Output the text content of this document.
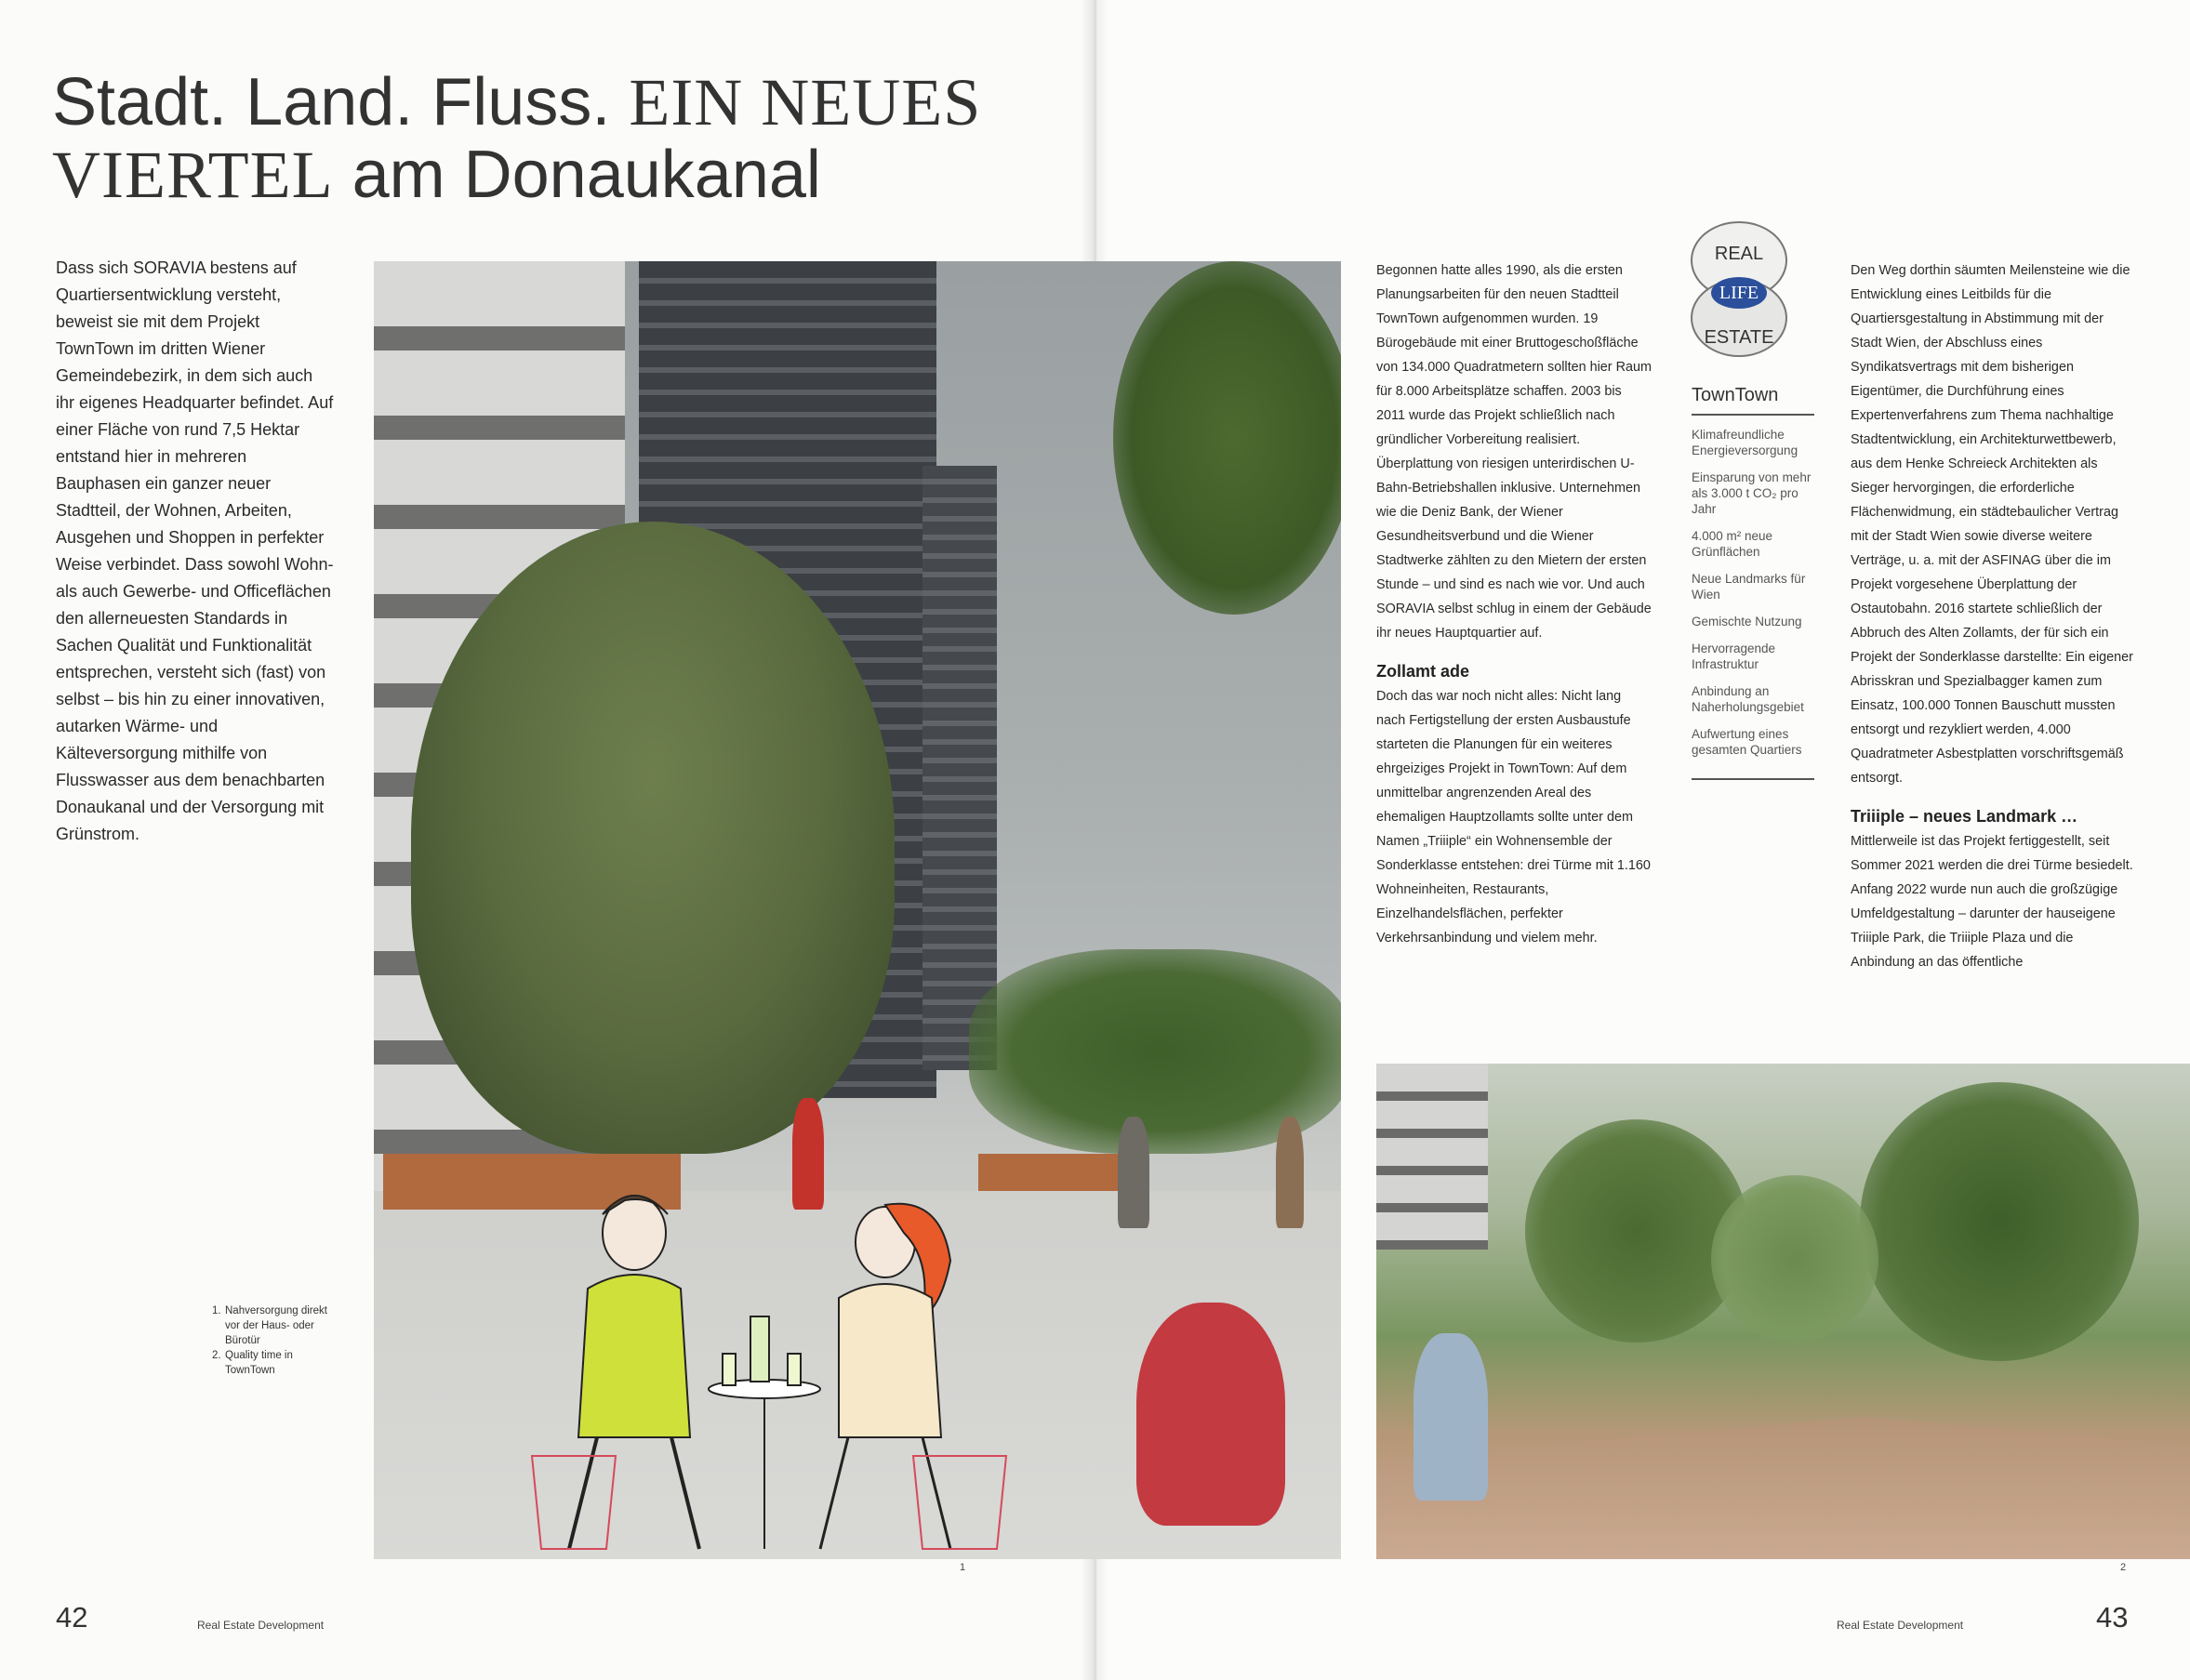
Stadt. Land. Fluss. EIN NEUES
VIERTEL am Donaukanal

Dass sich SORAVIA bestens auf Quartiersentwicklung versteht, beweist sie mit dem Projekt TownTown im dritten Wiener Gemeindebezirk, in dem sich auch ihr eigenes Headquarter befindet. Auf einer Fläche von rund 7,5 Hektar entstand hier in mehreren Bauphasen ein ganzer neuer Stadtteil, der Wohnen, Arbeiten, Ausgehen und Shoppen in perfekter Weise verbindet. Dass sowohl Wohn- als auch Gewerbe- und Officeflächen den allerneuesten Standards in Sachen Qualität und Funktionalität entsprechen, versteht sich (fast) von selbst – bis hin zu einer innovativen, autarken Wärme- und Kälteversorgung mithilfe von Flusswasser aus dem benachbarten Donaukanal und der Versorgung mit Grünstrom.

1
1. Nahversorgung direkt vor der Haus- oder Bürotür
2. Quality time in TownTown
42	Real Estate Development

Begonnen hatte alles 1990, als die ersten Planungsarbeiten für den neuen Stadtteil TownTown aufgenommen wurden. 19 Bürogebäude mit einer Bruttogeschoßfläche von 134.000 Quadratmetern sollten hier Raum für 8.000 Arbeitsplätze schaffen. 2003 bis 2011 wurde das Projekt schließlich nach gründlicher Vorbereitung realisiert. Überplattung von riesigen unterirdischen U-Bahn-Betriebshallen inklusive. Unternehmen wie die Deniz Bank, der Wiener Gesundheitsverbund und die Wiener Stadtwerke zählten zu den Mietern der ersten Stunde – und sind es nach wie vor. Und auch SORAVIA selbst schlug in einem der Gebäude ihr neues Hauptquartier auf.

Zollamt ade

Doch das war noch nicht alles: Nicht lang nach Fertigstellung der ersten Ausbaustufe starteten die Planungen für ein weiteres ehrgeiziges Projekt in TownTown: Auf dem unmittelbar angrenzenden Areal des ehemaligen Hauptzollamts sollte unter dem Namen „Triiiple“ ein Wohnensemble der Sonderklasse entstehen: drei Türme mit 1.160 Wohneinheiten, Restaurants, Einzelhandelsflächen, perfekter Verkehrsanbindung und vielem mehr.

REAL
LIFE
ESTATE
TownTown
Klimafreundliche Energieversorgung
Einsparung von mehr als 3.000 t CO₂ pro Jahr
4.000 m² neue Grünflächen
Neue Landmarks für Wien
Gemischte Nutzung
Hervorragende Infrastruktur
Anbindung an Naherholungsgebiet
Aufwertung eines gesamten Quartiers

Den Weg dorthin säumten Meilensteine wie die Entwicklung eines Leitbilds für die Quartiersgestaltung in Abstimmung mit der Stadt Wien, der Abschluss eines Syndikatsvertrags mit dem bisherigen Eigentümer, die Durchführung eines Expertenverfahrens zum Thema nachhaltige Stadtentwicklung, ein Architekturwettbewerb, aus dem Henke Schreieck Architekten als Sieger hervorgingen, die erforderliche Flächenwidmung, ein städtebaulicher Vertrag mit der Stadt Wien sowie diverse weitere Verträge, u. a. mit der ASFINAG über die im Projekt vorgesehene Überplattung der Ostautobahn. 2016 startete schließlich der Abbruch des Alten Zollamts, der für sich ein Projekt der Sonderklasse darstellte: Ein eigener Abrisskran und Spezialbagger kamen zum Einsatz, 100.000 Tonnen Bauschutt mussten entsorgt und rezykliert werden, 4.000 Quadratmeter Asbestplatten vorschriftsgemäß entsorgt.

Triiiple – neues Landmark …

Mittlerweile ist das Projekt fertiggestellt, seit Sommer 2021 werden die drei Türme besiedelt. Anfang 2022 wurde nun auch die großzügige Umfeldgestaltung – darunter der hauseigene Triiiple Park, die Triiiple Plaza und die Anbindung an das öffentliche

2
Real Estate Development	43
